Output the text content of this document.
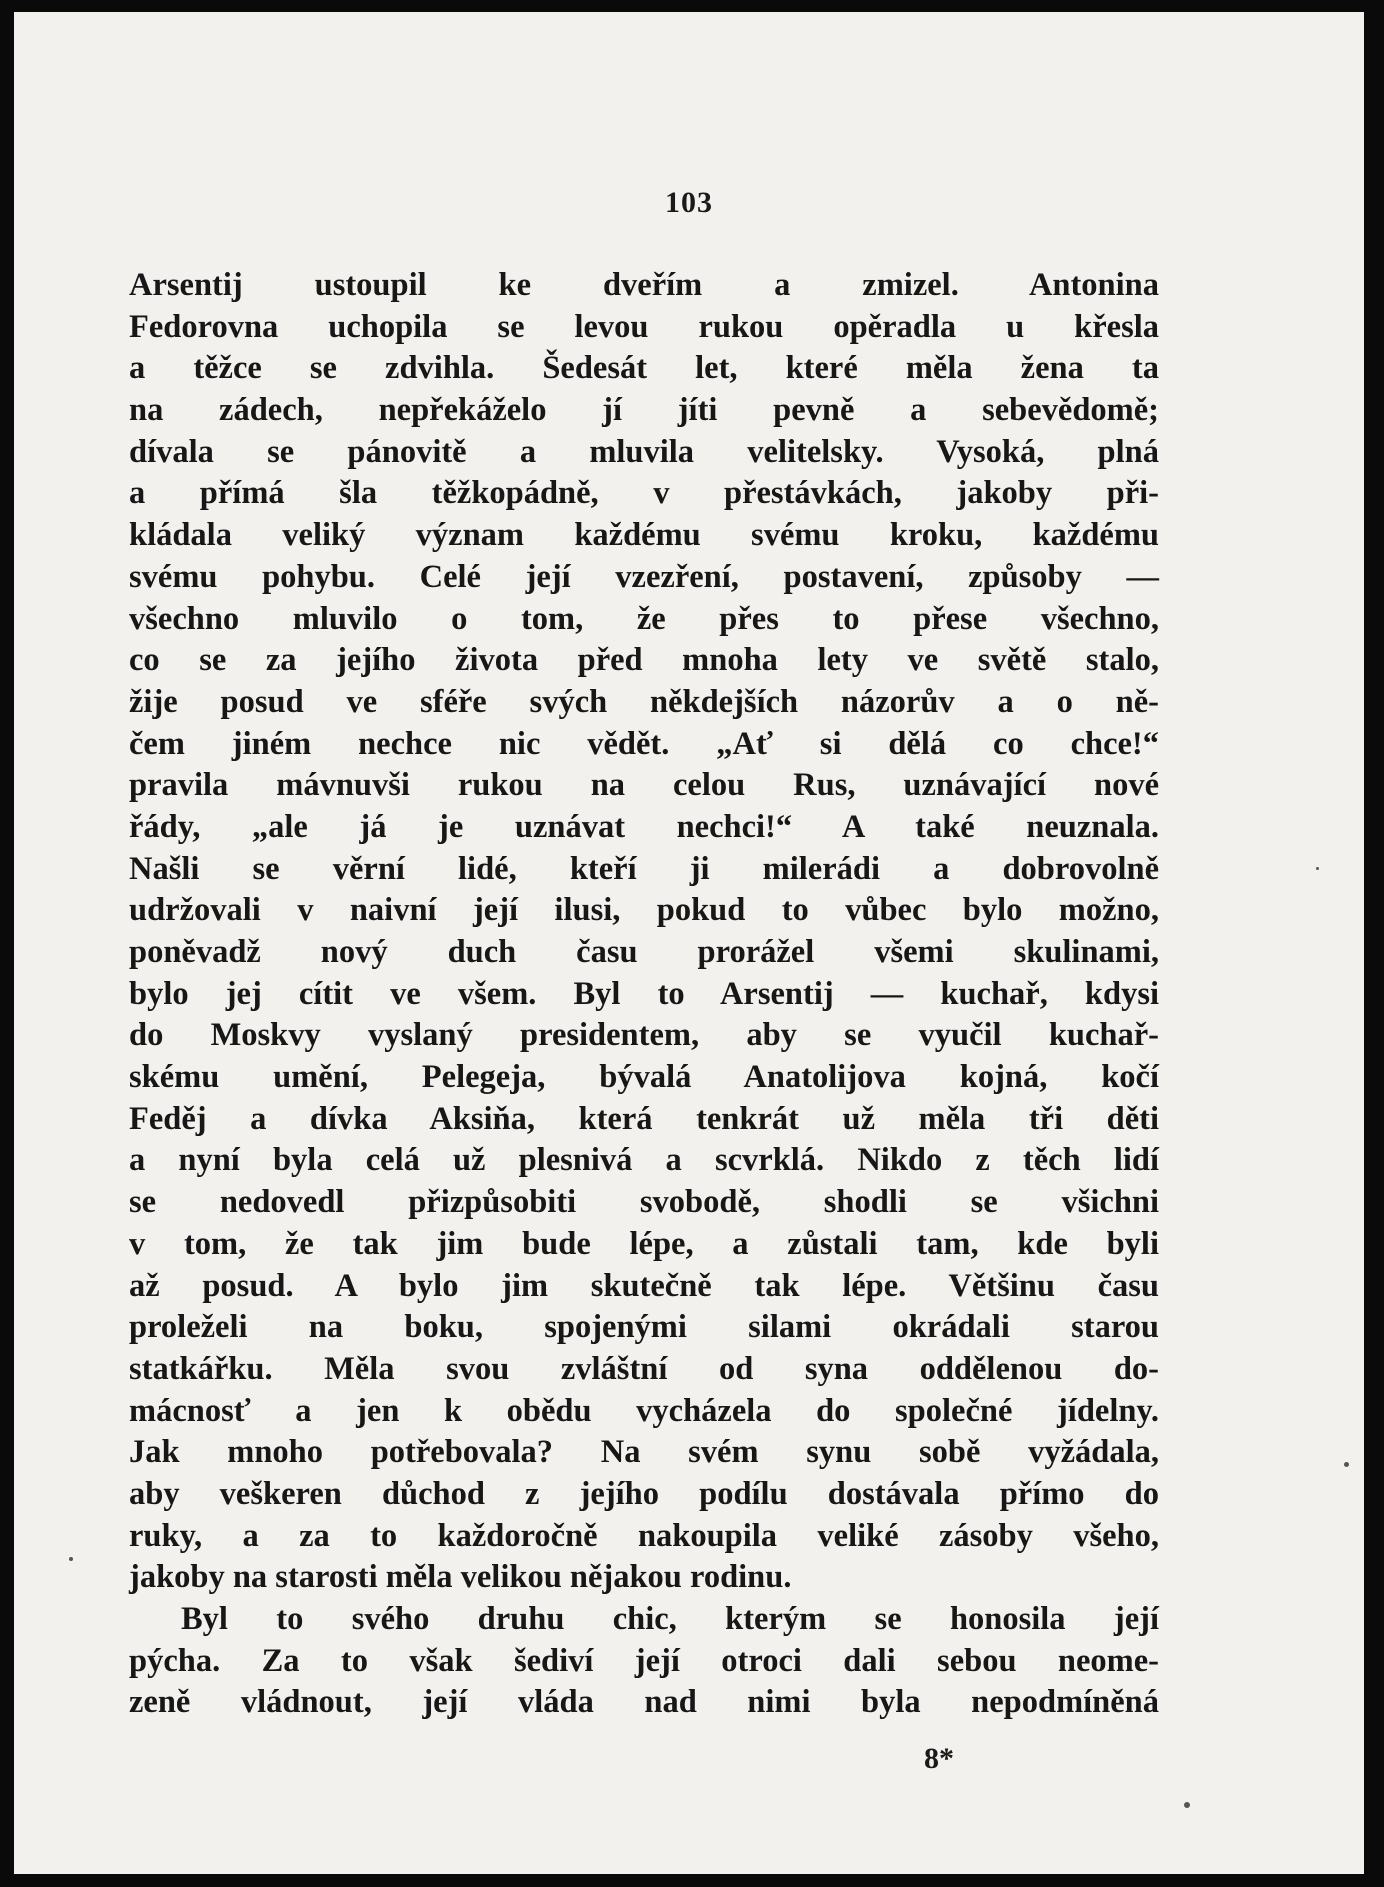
103
Arsentij ustoupil ke dveřím a zmizel. Antonina
Fedorovna uchopila se levou rukou opěradla u křesla
a těžce se zdvihla. Šedesát let, které měla žena ta
na zádech, nepřekáželo jí jíti pevně a sebevědomě;
dívala se pánovitě a mluvila velitelsky. Vysoká, plná
a přímá šla těžkopádně, v přestávkách, jakoby při-
kládala veliký význam každému svému kroku, každému
svému pohybu. Celé její vzezření, postavení, způsoby —
všechno mluvilo o tom, že přes to přese všechno,
co se za jejího života před mnoha lety ve světě stalo,
žije posud ve sféře svých někdejších názorův a o ně-
čem jiném nechce nic vědět. „Ať si dělá co chce!“
pravila mávnuvši rukou na celou Rus, uznávající nové
řády, „ale já je uznávat nechci!“ A také neuznala.
Našli se věrní lidé, kteří ji milerádi a dobrovolně
udržovali v naivní její ilusi, pokud to vůbec bylo možno,
poněvadž nový duch času prorážel všemi skulinami,
bylo jej cítit ve všem. Byl to Arsentij — kuchař, kdysi
do Moskvy vyslaný presidentem, aby se vyučil kuchař-
skému umění, Pelegeja, bývalá Anatolijova kojná, kočí
Feděj a dívka Aksiňa, která tenkrát už měla tři děti
a nyní byla celá už plesnivá a scvrklá. Nikdo z těch lidí
se nedovedl přizpůsobiti svobodě, shodli se všichni
v tom, že tak jim bude lépe, a zůstali tam, kde byli
až posud. A bylo jim skutečně tak lépe. Většinu času
proleželi na boku, spojenými silami okrádali starou
statkářku. Měla svou zvláštní od syna oddělenou do-
mácnosť a jen k obědu vycházela do společné jídelny.
Jak mnoho potřebovala? Na svém synu sobě vyžádala,
aby veškeren důchod z jejího podílu dostávala přímo do
ruky, a za to každoročně nakoupila veliké zásoby všeho,
jakoby na starosti měla velikou nějakou rodinu.
Byl to svého druhu chic, kterým se honosila její
pýcha. Za to však šediví její otroci dali sebou neome-
zeně vládnout, její vláda nad nimi byla nepodmíněná
8*
